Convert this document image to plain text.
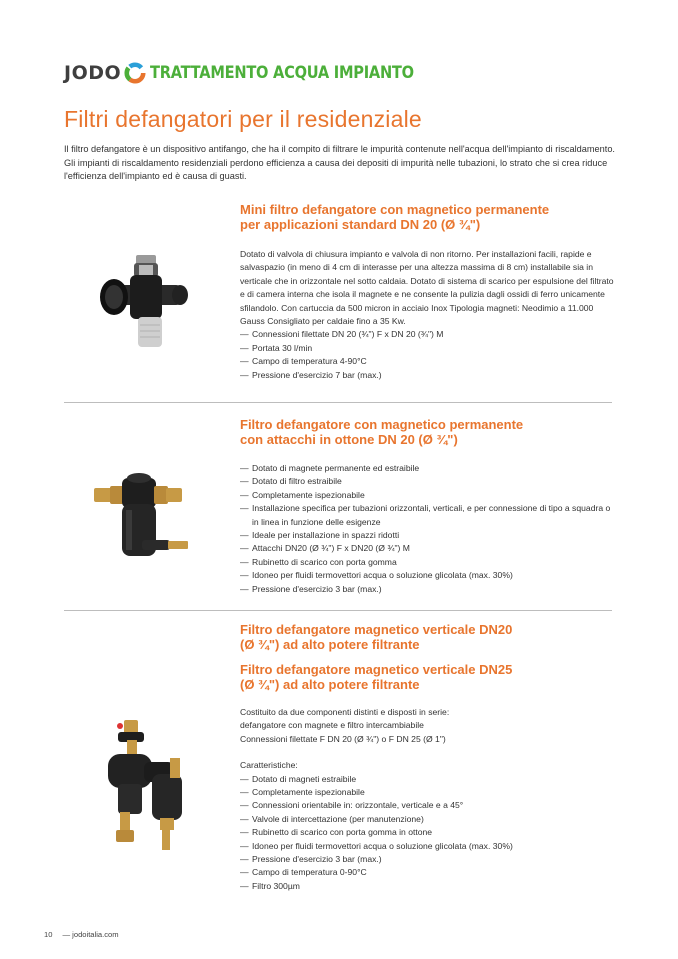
JODO TRATTAMENTO ACQUA IMPIANTO
Filtri defangatori per il residenziale

Il filtro defangatore è un dispositivo antifango, che ha il compito di filtrare le impurità contenute nell'acqua dell'impianto di riscaldamento. Gli impianti di riscaldamento residenziali perdono efficienza a causa dei depositi di impurità nelle tubazioni, lo strato che si crea riduce l'efficienza dell'impianto ed è causa di guasti.

Mini filtro defangatore con magnetico permanente
per applicazioni standard DN 20 (Ø ¾")

Dotato di valvola di chiusura impianto e valvola di non ritorno. Per installazioni facili, rapide e salvaspazio (in meno di 4 cm di interasse per una altezza massima di 8 cm) installabile sia in verticale che in orizzontale nel sotto caldaia. Dotato di sistema di scarico per espulsione del filtrato e di camera interna che isola il magnete e ne consente la pulizia dagli ossidi di ferro unicamente sfilandolo. Con cartuccia da 500 micron in acciaio Inox Tipologia magneti: Neodimio a 11.000 Gauss Consigliato per caldaie fino a 35 Kw.

— Connessioni filettate DN 20 (¾") F x DN 20 (¾") M
— Portata 30 l/min
— Campo di temperatura 4-90°C
— Pressione d'esercizio 7 bar (max.)
Filtro defangatore con magnetico permanente
con attacchi in ottone DN 20 (Ø ¾")
— Dotato di magnete permanente ed estraibile
— Dotato di filtro estraibile
— Completamente ispezionabile
— Installazione specifica per tubazioni orizzontali, verticali, e per connessione di tipo a squadra o in linea in funzione delle esigenze
— Ideale per installazione in spazzi ridotti
— Attacchi DN20 (Ø ¾") F x DN20 (Ø ¾") M
— Rubinetto di scarico con porta gomma
— Idoneo per fluidi termovettori acqua o soluzione glicolata (max. 30%)
— Pressione d'esercizio 3 bar (max.)
Filtro defangatore magnetico verticale DN20
(Ø ¾") ad alto potere filtrante
Filtro defangatore magnetico verticale DN25
(Ø ¾") ad alto potere filtrante

Costituito da due componenti distinti e disposti in serie:

defangatore con magnete e filtro intercambiabile

Connessioni filettate F DN 20 (Ø ¾") o F DN 25 (Ø 1")

Caratteristiche:

— Dotato di magneti estraibile
— Completamente ispezionabile
— Connessioni orientabile in: orizzontale, verticale e a 45°
— Valvole di intercettazione (per manutenzione)
— Rubinetto di scarico con porta gomma in ottone
— Idoneo per fluidi termovettori acqua o soluzione glicolata (max. 30%)
— Pressione d'esercizio 3 bar (max.)
— Campo di temperatura 0-90°C
— Filtro 300µm
10 — jodoitalia.com
